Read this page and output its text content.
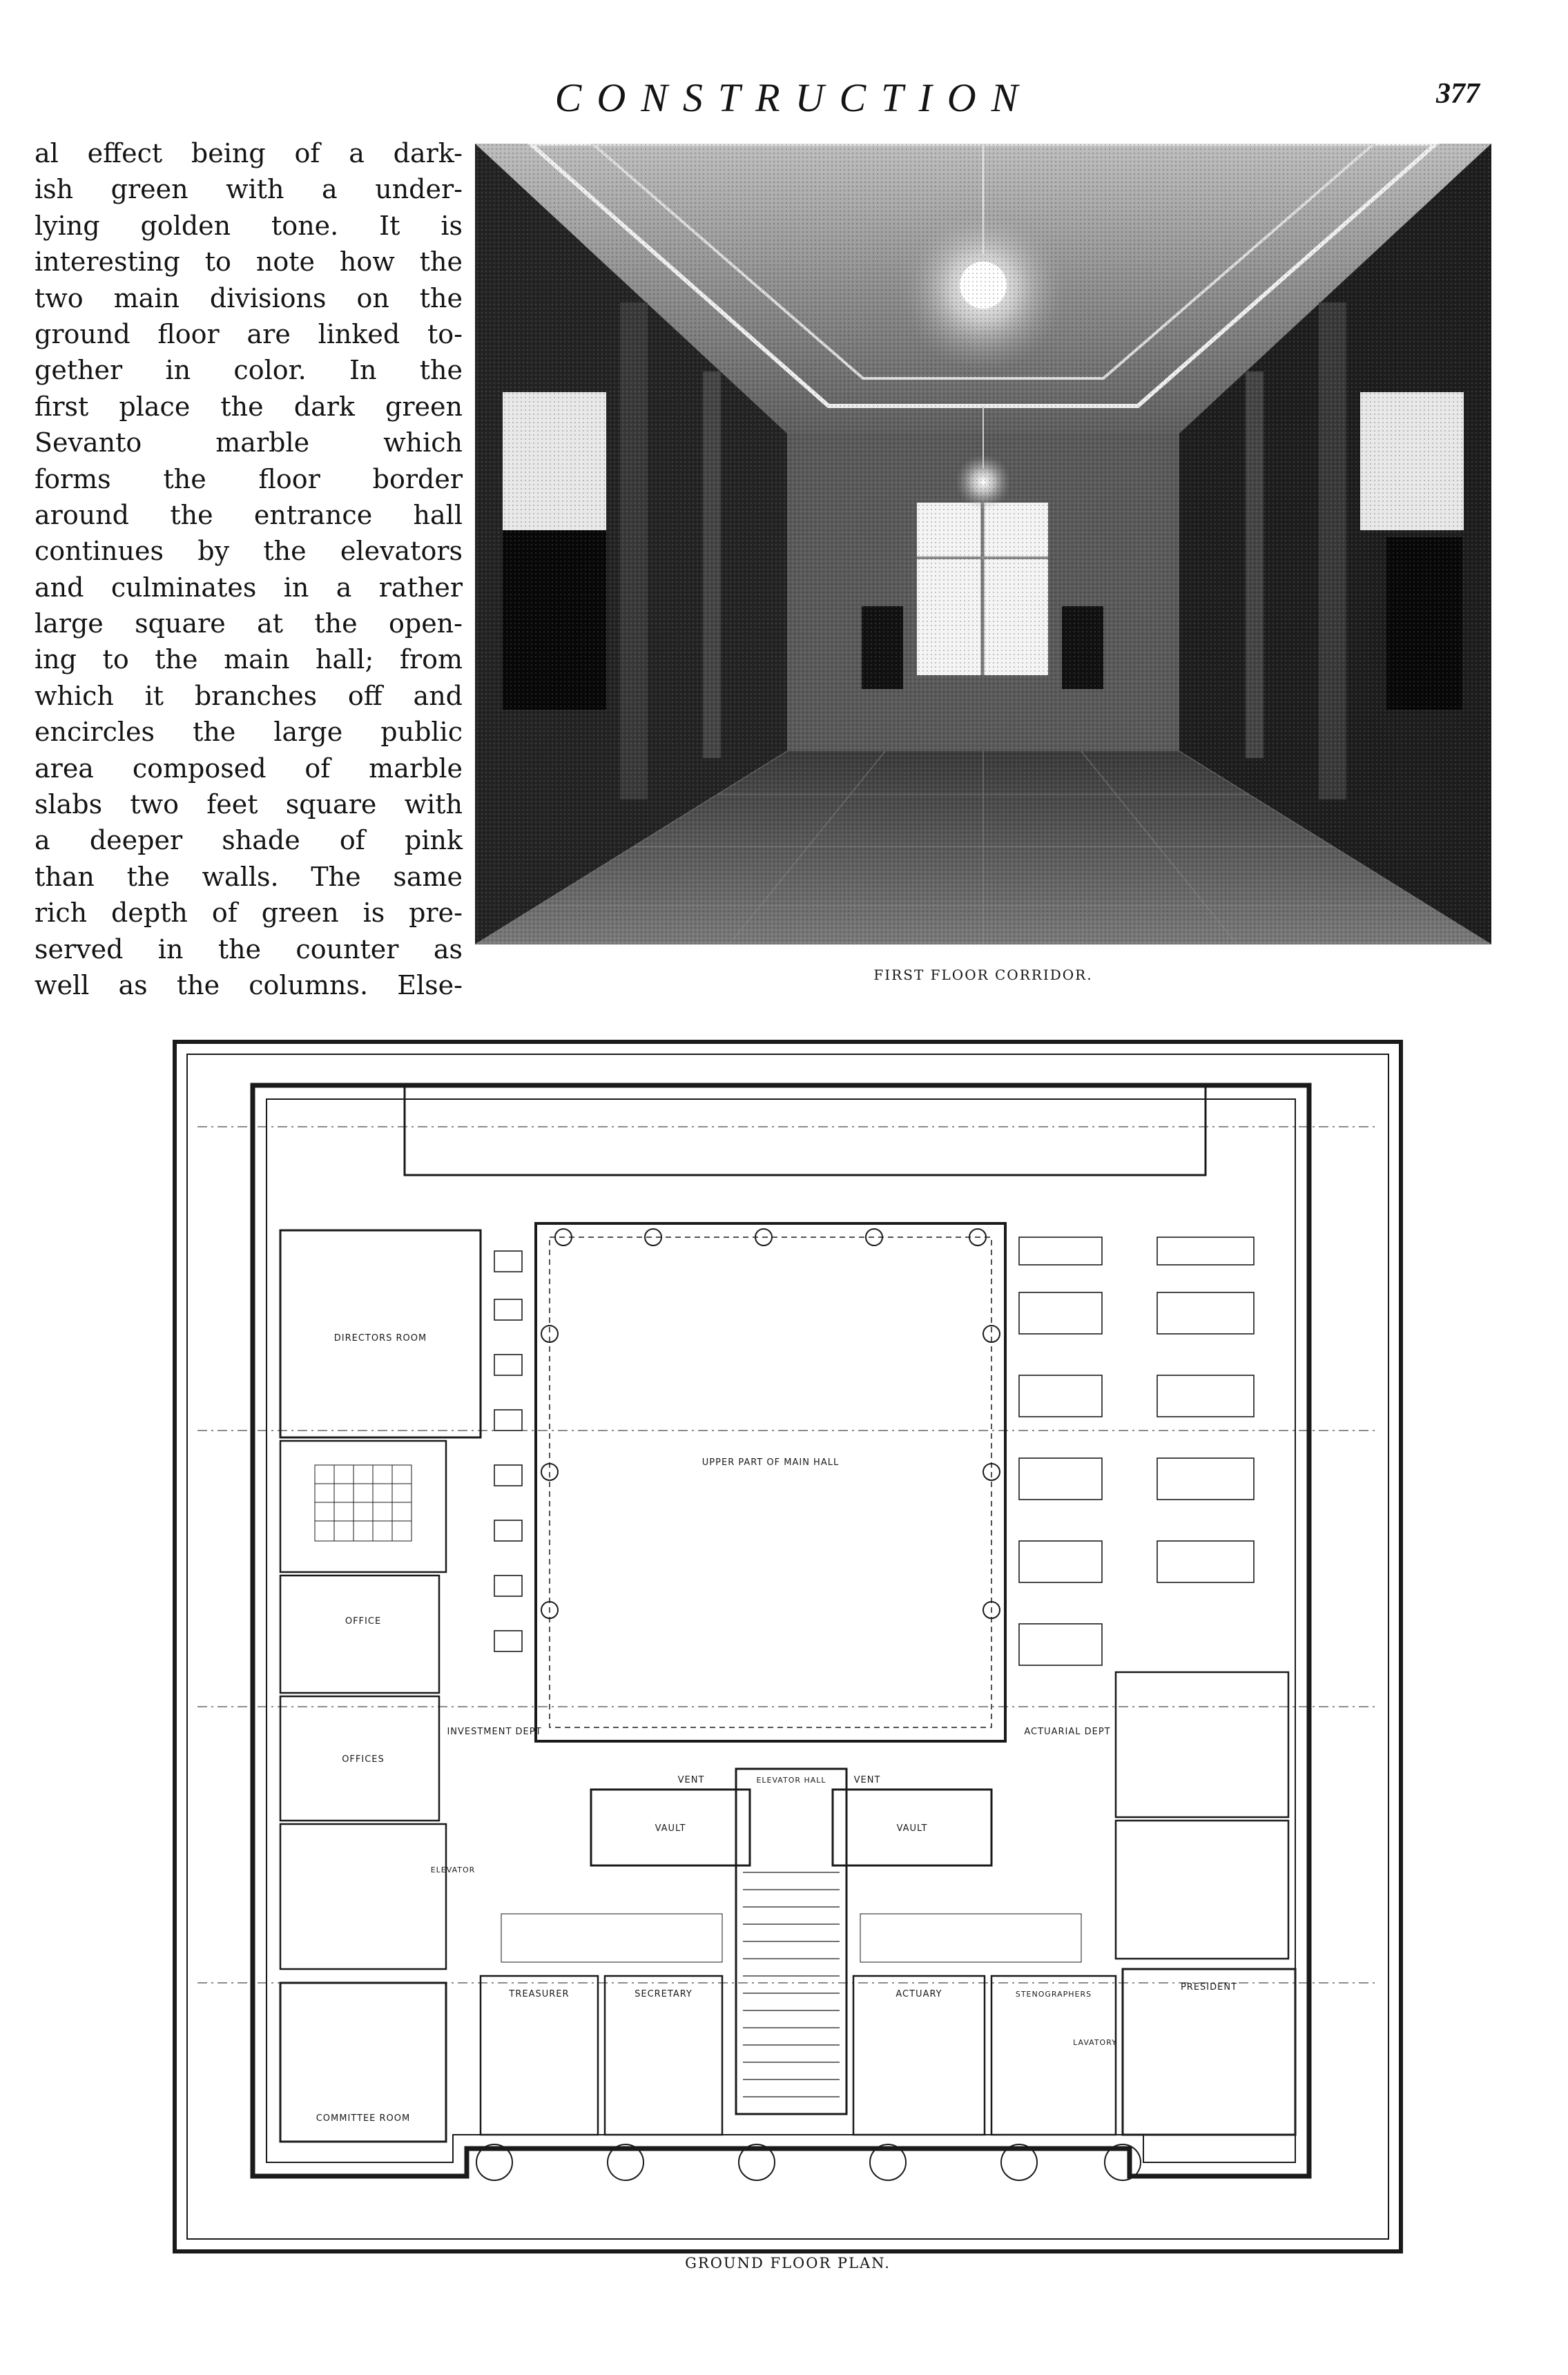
CONSTRUCTION	377
al effect being of a dark-
ish green with a under-
lying golden tone. It is
interesting to note how the
two main divisions on the
ground floor are linked to-
gether in color. In the
first place the dark green
Sevanto marble which
forms the floor border
around the entrance hall
continues by the elevators
and culminates in a rather
large square at the open-
ing to the main hall; from
which it branches off and
encircles the large public
area composed of marble
slabs two feet square with
a deeper shade of pink
than the walls. The same
rich depth of green is pre-
served in the counter as
well as the columns. Else-	FIRST FLOOR CORRIDOR.
DIRECTORS ROOM
UPPER PART OF MAIN HALL
OFFICE
OFFICES
VAULT	VAULT
VENT	VENT
ELEVATOR
ELEVATOR HALL
TREASURER	SECRETARY	ACTUARY
PRESIDENT
COMMITTEE ROOM
INVESTMENT DEPT	ACTUARIAL DEPT
STENOGRAPHERS
LAVATORY
GROUND FLOOR PLAN.
